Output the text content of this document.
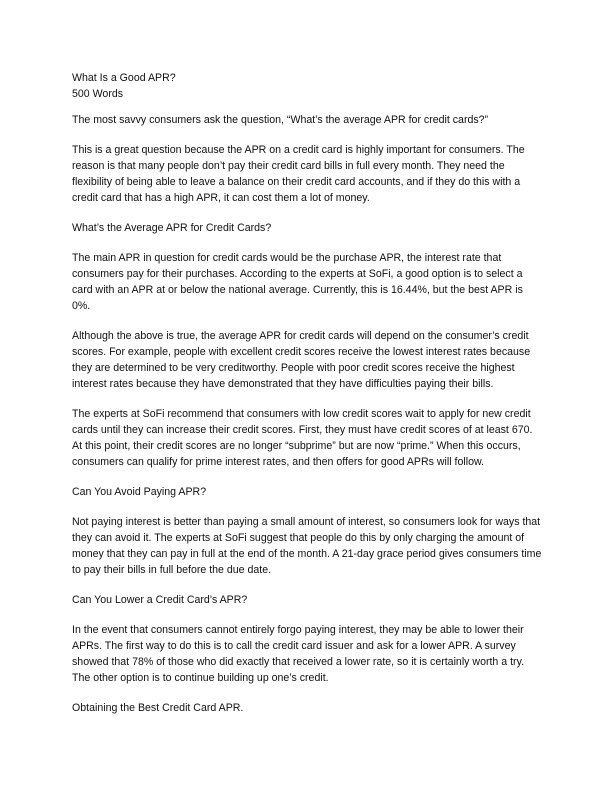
What Is a Good APR?
500 Words

The most savvy consumers ask the question, “What’s the average APR for credit cards?”

This is a great question because the APR on a credit card is highly important for consumers. The reason is that many people don’t pay their credit card bills in full every month. They need the flexibility of being able to leave a balance on their credit card accounts, and if they do this with a credit card that has a high APR, it can cost them a lot of money.

What’s the Average APR for Credit Cards?

The main APR in question for credit cards would be the purchase APR, the interest rate that consumers pay for their purchases. According to the experts at SoFi, a good option is to select a card with an APR at or below the national average. Currently, this is 16.44%, but the best APR is 0%.

Although the above is true, the average APR for credit cards will depend on the consumer’s credit scores. For example, people with excellent credit scores receive the lowest interest rates because they are determined to be very creditworthy. People with poor credit scores receive the highest interest rates because they have demonstrated that they have difficulties paying their bills.

The experts at SoFi recommend that consumers with low credit scores wait to apply for new credit cards until they can increase their credit scores. First, they must have credit scores of at least 670. At this point, their credit scores are no longer “subprime” but are now “prime.” When this occurs, consumers can qualify for prime interest rates, and then offers for good APRs will follow.

Can You Avoid Paying APR?

Not paying interest is better than paying a small amount of interest, so consumers look for ways that they can avoid it. The experts at SoFi suggest that people do this by only charging the amount of money that they can pay in full at the end of the month. A 21-day grace period gives consumers time to pay their bills in full before the due date.

Can You Lower a Credit Card’s APR?

In the event that consumers cannot entirely forgo paying interest, they may be able to lower their APRs. The first way to do this is to call the credit card issuer and ask for a lower APR. A survey showed that 78% of those who did exactly that received a lower rate, so it is certainly worth a try. The other option is to continue building up one’s credit.

Obtaining the Best Credit Card APR.
